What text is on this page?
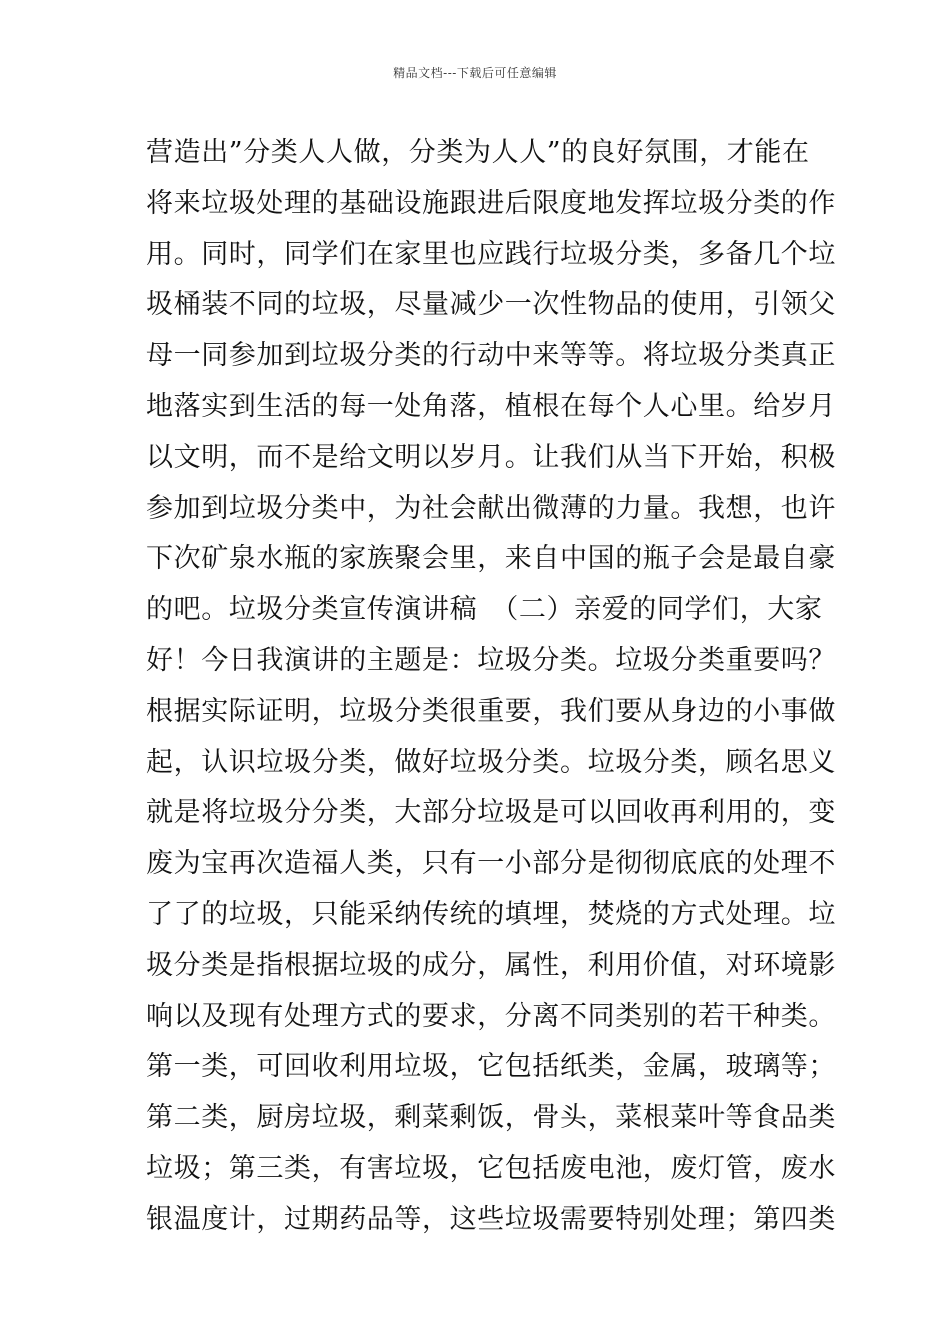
精品文档---下载后可任意编辑
营造出”分类人人做，分类为人人”的良好氛围，才能在
将来垃圾处理的基础设施跟进后限度地发挥垃圾分类的作
用。同时，同学们在家里也应践行垃圾分类，多备几个垃
圾桶装不同的垃圾，尽量减少一次性物品的使用，引领父
母一同参加到垃圾分类的行动中来等等。将垃圾分类真正
地落实到生活的每一处角落，植根在每个人心里。给岁月
以文明，而不是给文明以岁月。让我们从当下开始，积极
参加到垃圾分类中，为社会献出微薄的力量。我想，也许
下次矿泉水瓶的家族聚会里，来自中国的瓶子会是最自豪
的吧。垃圾分类宣传演讲稿　（二）亲爱的同学们，大家
好！今日我演讲的主题是：垃圾分类。垃圾分类重要吗？
根据实际证明，垃圾分类很重要，我们要从身边的小事做
起，认识垃圾分类，做好垃圾分类。垃圾分类，顾名思义
就是将垃圾分分类，大部分垃圾是可以回收再利用的，变
废为宝再次造福人类，只有一小部分是彻彻底底的处理不
了了的垃圾，只能采纳传统的填埋，焚烧的方式处理。垃
圾分类是指根据垃圾的成分，属性，利用价值，对环境影
响以及现有处理方式的要求，分离不同类别的若干种类。
第一类，可回收利用垃圾，它包括纸类，金属，玻璃等；
第二类，厨房垃圾，剩菜剩饭，骨头，菜根菜叶等食品类
垃圾；第三类，有害垃圾，它包括废电池，废灯管，废水
银温度计，过期药品等，这些垃圾需要特别处理；第四类
